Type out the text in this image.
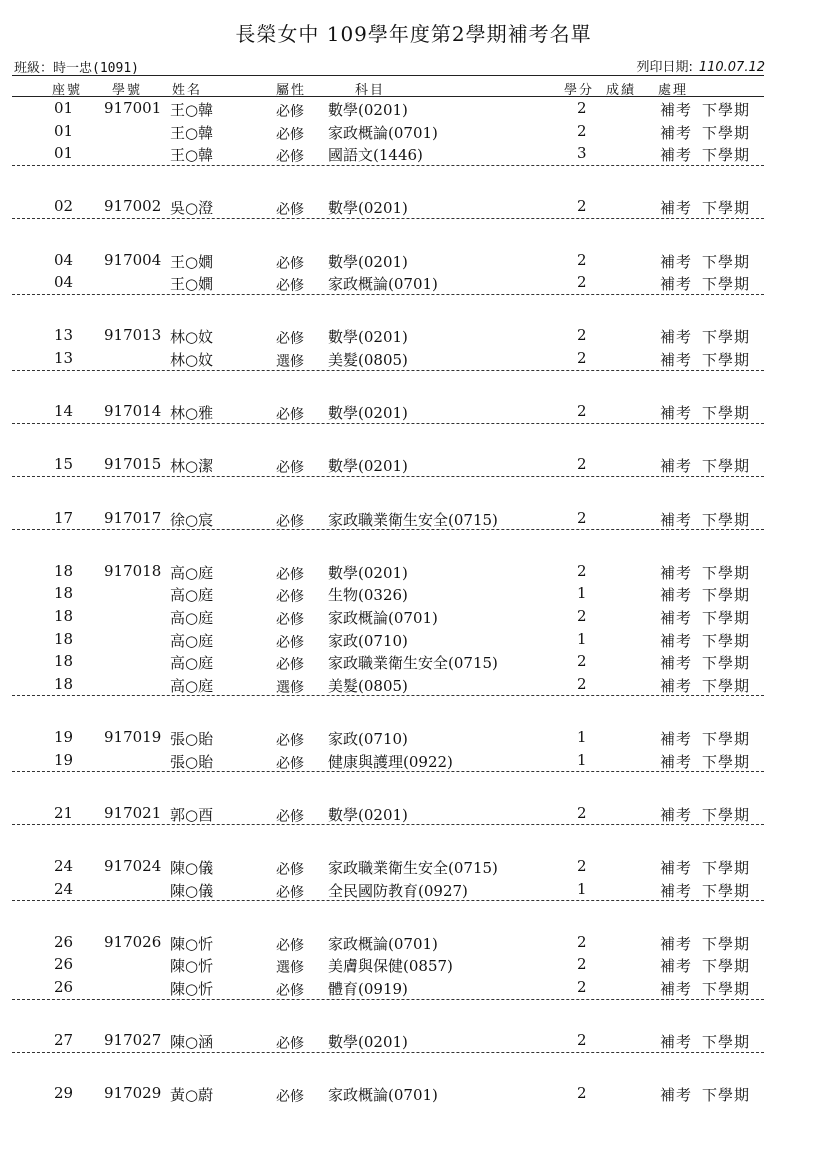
長榮女中 109學年度第2學期補考名單
班級：時一忠(1091)	列印日期: 110.07.12
座號 學號 姓名	屬性	科目	學分 成績 處理
01 917001 王○韓	必修 數學(0201)	2	補考 下學期
01	王○韓	必修 家政概論(0701)	2	補考 下學期
01	王○韓	必修 國語文(1446)	3	補考 下學期
02 917002 吳○澄	必修 數學(0201)	2	補考 下學期
04 917004 王○嫺	必修 數學(0201)	2	補考 下學期
04	王○嫺	必修 家政概論(0701)	2	補考 下學期
13 917013 林○妏	必修 數學(0201)	2	補考 下學期
13	林○妏	選修 美髮(0805)	2	補考 下學期
14 917014 林○雅	必修 數學(0201)	2	補考 下學期
15 917015 林○潔	必修 數學(0201)	2	補考 下學期
17 917017 徐○宸	必修 家政職業衛生安全(0715)	2	補考 下學期
18 917018 高○庭	必修 數學(0201)	2	補考 下學期
18	高○庭	必修 生物(0326)	1	補考 下學期
18	高○庭	必修 家政概論(0701)	2	補考 下學期
18	高○庭	必修 家政(0710)	1	補考 下學期
18	高○庭	必修 家政職業衛生安全(0715)	2	補考 下學期
18	高○庭	選修 美髮(0805)	2	補考 下學期
19 917019 張○貽	必修 家政(0710)	1	補考 下學期
19	張○貽	必修 健康與護理(0922)	1	補考 下學期
21 917021 郭○酉	必修 數學(0201)	2	補考 下學期
24 917024 陳○儀	必修 家政職業衛生安全(0715)	2	補考 下學期
24	陳○儀	必修 全民國防教育(0927)	1	補考 下學期
26 917026 陳○忻	必修 家政概論(0701)	2	補考 下學期
26	陳○忻	選修 美膚與保健(0857)	2	補考 下學期
26	陳○忻	必修 體育(0919)	2	補考 下學期
27 917027 陳○涵	必修 數學(0201)	2	補考 下學期
29 917029 黃○蔚	必修 家政概論(0701)	2	補考 下學期
